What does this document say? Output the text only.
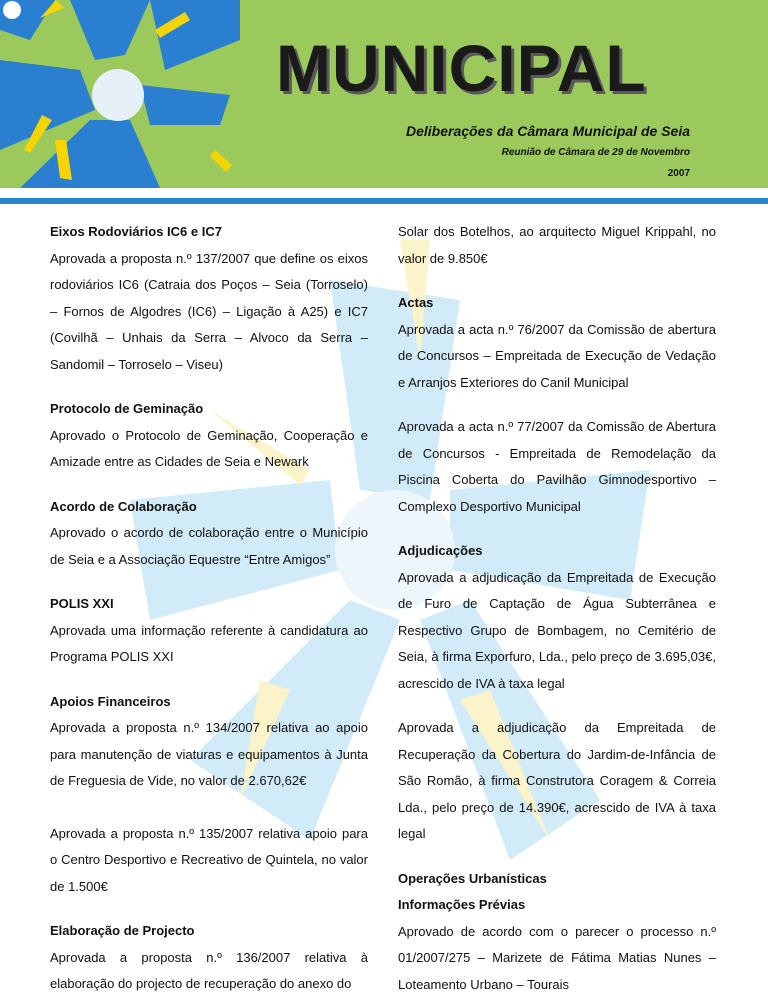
MUNICIPAL
Deliberações da Câmara Municipal de Seia
Reunião de Câmara de 29 de Novembro
2007

Eixos Rodoviários IC6 e IC7

Aprovada a proposta n.º 137/2007 que define os eixos rodoviários IC6 (Catraia dos Poços – Seia (Torroselo) – Fornos de Algodres (IC6) – Ligação à A25) e IC7 (Covilhã – Unhais da Serra – Alvoco da Serra – Sandomil – Torroselo – Viseu)

Protocolo de Geminação

Aprovado o Protocolo de Geminação, Cooperação e Amizade entre as Cidades de Seia e Newark

Acordo de Colaboração

Aprovado o acordo de colaboração entre o Município de Seia e a Associação Equestre “Entre Amigos”

POLIS XXI

Aprovada uma informação referente à candidatura ao Programa POLIS XXI

Apoios Financeiros

Aprovada a proposta n.º 134/2007 relativa ao apoio para manutenção de viaturas e equipamentos à Junta de Freguesia de Vide, no valor de 2.670,62€

Aprovada a proposta n.º 135/2007 relativa apoio para o Centro Desportivo e Recreativo de Quintela, no valor de 1.500€

Elaboração de Projecto

Aprovada a proposta n.º 136/2007 relativa à elaboração do projecto de recuperação do anexo do

Solar dos Botelhos, ao arquitecto Miguel Krippahl, no valor de 9.850€

Actas

Aprovada a acta n.º 76/2007 da Comissão de abertura de Concursos – Empreitada de Execução de Vedação e Arranjos Exteriores do Canil Municipal

Aprovada a acta n.º 77/2007 da Comissão de Abertura de Concursos - Empreitada de Remodelação da Piscina Coberta do Pavilhão Gimnodesportivo – Complexo Desportivo Municipal

Adjudicações

Aprovada a adjudicação da Empreitada de Execução de Furo de Captação de Água Subterrânea e Respectivo Grupo de Bombagem, no Cemitério de Seia, à firma Exporfuro, Lda., pelo preço de 3.695,03€, acrescido de IVA à taxa legal

Aprovada a adjudicação da Empreitada de Recuperação da Cobertura do Jardim-de-Infância de São Romão, à firma Construtora Coragem & Correia Lda., pelo preço de 14.390€, acrescido de IVA à taxa legal

Operações Urbanísticas

Informações Prévias

Aprovado de acordo com o parecer o processo n.º 01/2007/275 – Marizete de Fátima Matias Nunes – Loteamento Urbano – Tourais
